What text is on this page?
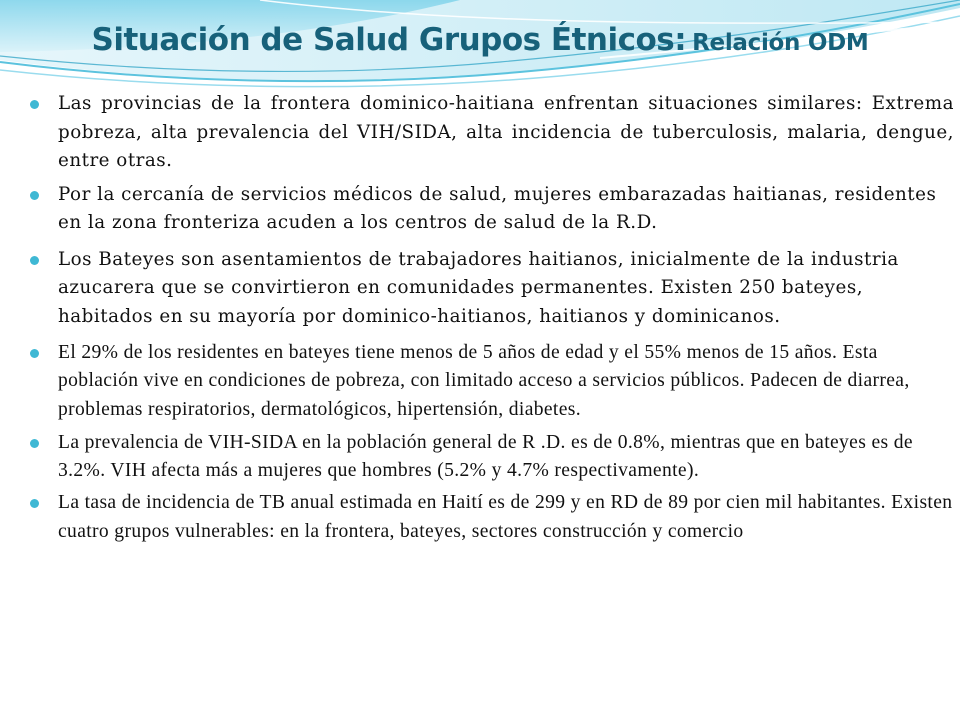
Situación de Salud Grupos Étnicos: Relación ODM
Las provincias de la frontera dominico-haitiana enfrentan situaciones similares: Extrema pobreza, alta prevalencia del VIH/SIDA, alta incidencia de tuberculosis, malaria, dengue, entre otras.
Por la cercanía de servicios médicos de salud, mujeres embarazadas haitianas, residentes en la zona fronteriza acuden a los centros de salud de la R.D.
Los Bateyes son asentamientos de trabajadores haitianos, inicialmente de la industria azucarera que se convirtieron en comunidades permanentes. Existen 250 bateyes, habitados en su mayoría por dominico-haitianos, haitianos y dominicanos.
El 29% de los residentes en bateyes tiene menos de 5 años de edad y el 55% menos de 15 años. Esta población vive en condiciones de pobreza, con limitado acceso a servicios públicos. Padecen de diarrea, problemas respiratorios, dermatológicos, hipertensión, diabetes.
La prevalencia de VIH-SIDA en la población general de R .D. es de 0.8%, mientras que en bateyes es de 3.2%. VIH afecta más a mujeres que hombres (5.2% y 4.7% respectivamente).
La tasa de incidencia de TB anual estimada en Haití es de 299 y en RD de 89 por cien mil habitantes. Existen cuatro grupos vulnerables: en la frontera, bateyes, sectores construcción y comercio
